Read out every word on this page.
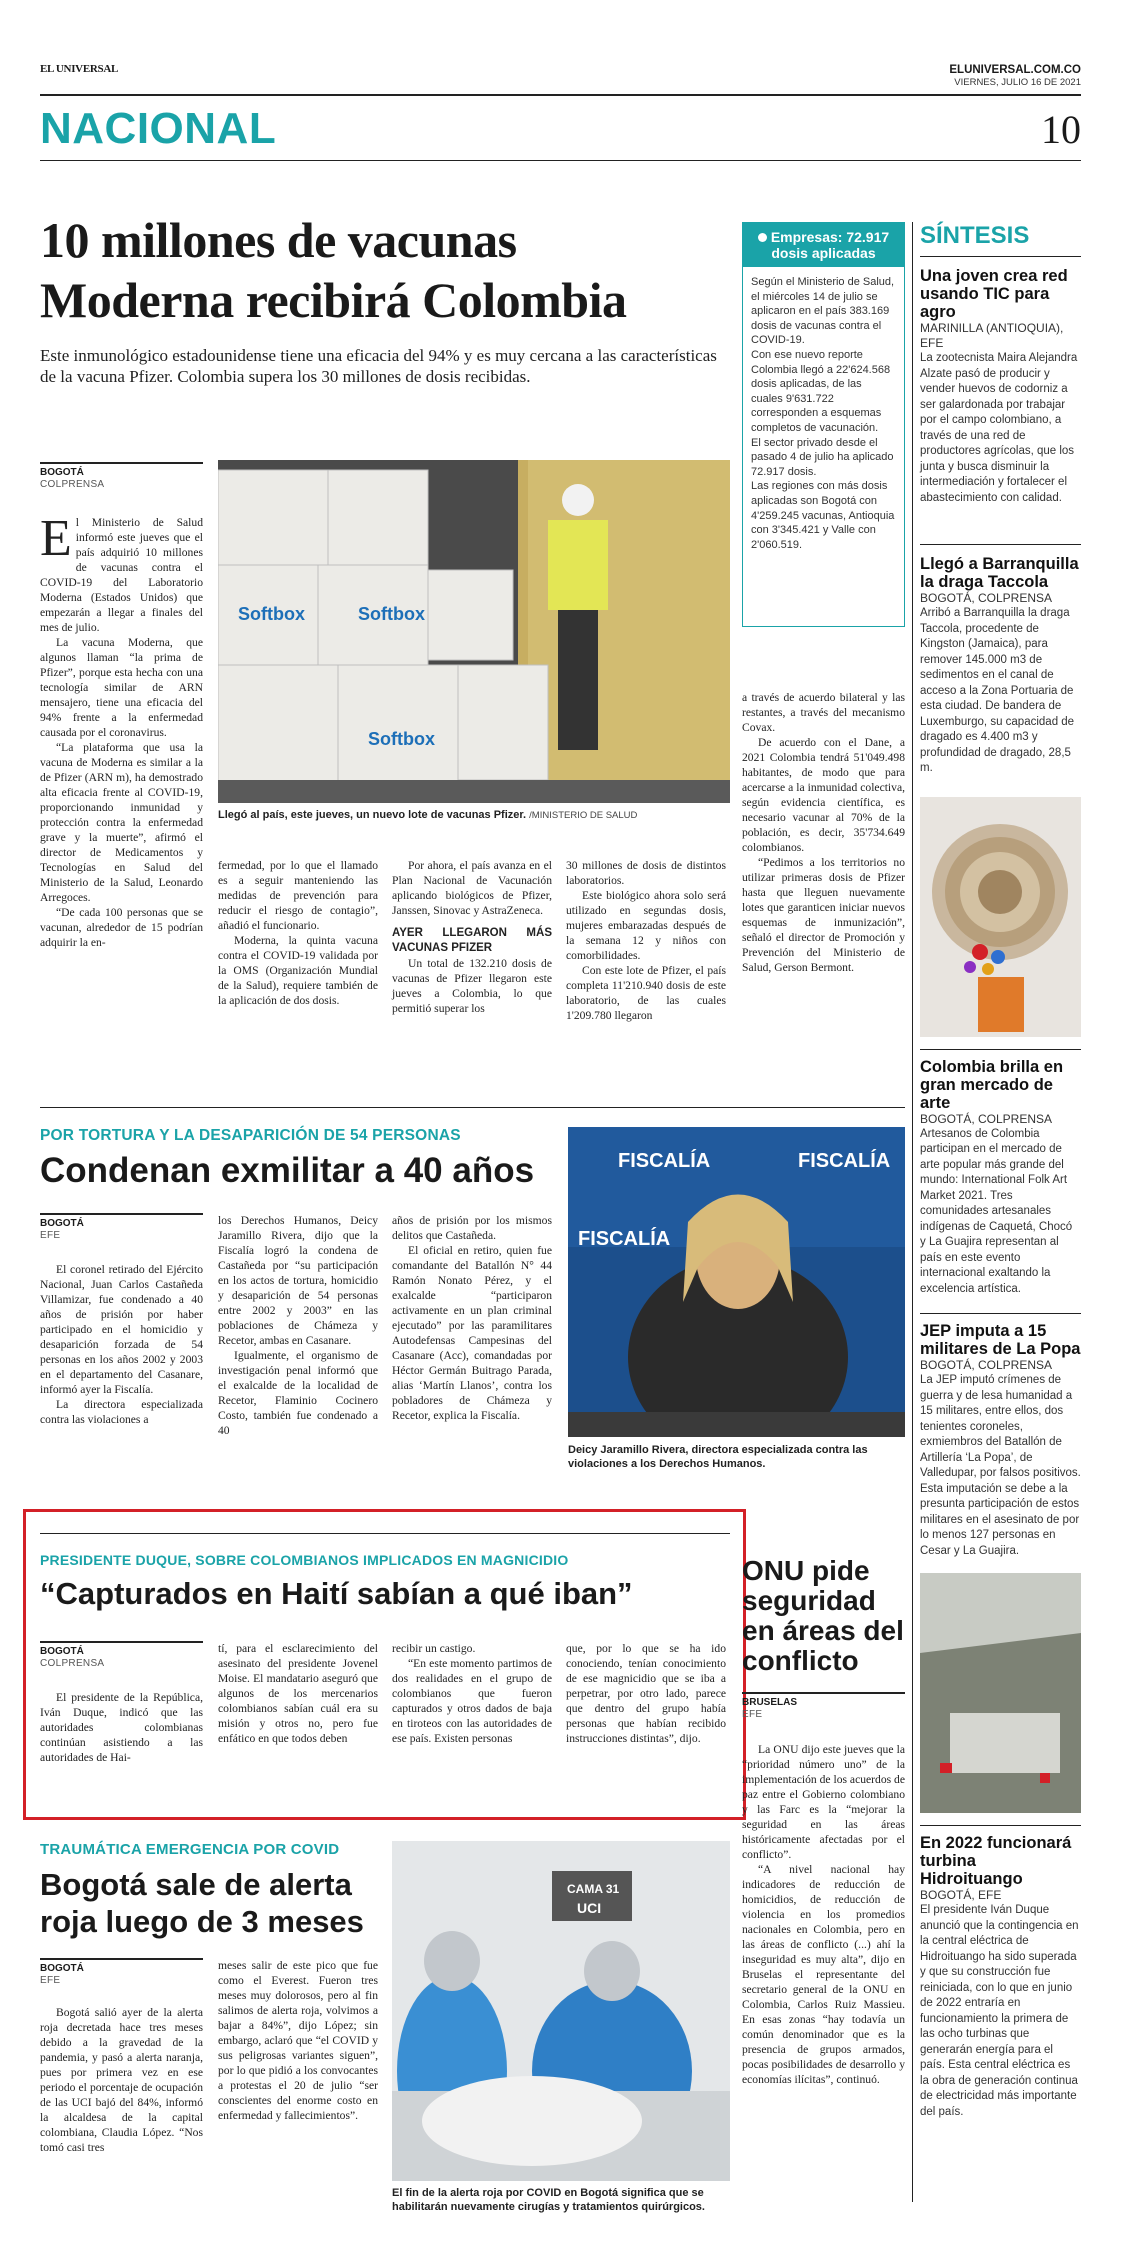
EL UNIVERSAL	ELUNIVERSAL.COM.CO
VIERNES, JULIO 16 DE 2021
NACIONAL	10
10 millones de vacunas
Moderna recibirá Colombia
Este inmunológico estadounidense tiene una eficacia del 94% y es muy cercana a las características de la vacuna Pfizer. Colombia supera los 30 millones de dosis recibidas.
BOGOTÁ
COLPRENSA

El Ministerio de Salud informó este jueves que el país adquirió 10 millones de vacunas contra el COVID-19 del Laboratorio Moderna (Estados Unidos) que empezarán a llegar a finales del mes de julio.

La vacuna Moderna, que algunos llaman “la prima de Pfizer”, porque esta hecha con una tecnología similar de ARN mensajero, tiene una eficacia del 94% frente a la enfermedad causada por el coronavirus.

“La plataforma que usa la vacuna de Moderna es similar a la de Pfizer (ARN m), ha demostrado alta eficacia frente al COVID-19, proporcionando inmunidad y protección contra la enfermedad grave y la muerte”, afirmó el director de Medicamentos y Tecnologías en Salud del Ministerio de la Salud, Leonardo Arregoces.

“De cada 100 personas que se vacunan, alrededor de 15 podrían adquirir la en-

Softbox	Softbox
Softbox
Llegó al país, este jueves, un nuevo lote de vacunas Pfizer. /MINISTERIO DE SALUD

fermedad, por lo que el llamado es a seguir manteniendo las medidas de prevención para reducir el riesgo de contagio”, añadió el funcionario.

Moderna, la quinta vacuna contra el COVID-19 validada por la OMS (Organización Mundial de la Salud), requiere también de la aplicación de dos dosis.

Por ahora, el país avanza en el Plan Nacional de Vacunación aplicando biológicos de Pfizer, Janssen, Sinovac y AstraZeneca.

AYER LLEGARON MÁS VACUNAS PFIZER

Un total de 132.210 dosis de vacunas de Pfizer llegaron este jueves a Colombia, lo que permitió superar los

30 millones de dosis de distintos laboratorios.

Este biológico ahora solo será utilizado en segundas dosis, mujeres embarazadas después de la semana 12 y niños con comorbilidades.

Con este lote de Pfizer, el país completa 11'210.940 dosis de este laboratorio, de las cuales 1'209.780 llegaron

a través de acuerdo bilateral y las restantes, a través del mecanismo Covax.

De acuerdo con el Dane, a 2021 Colombia tendrá 51'049.498 habitantes, de modo que para acercarse a la inmunidad colectiva, según evidencia científica, es necesario vacunar al 70% de la población, es decir, 35'734.649 colombianos.

“Pedimos a los territorios no utilizar primeras dosis de Pfizer hasta que lleguen nuevamente lotes que garanticen iniciar nuevos esquemas de inmunización”, señaló el director de Promoción y Prevención del Ministerio de Salud, Gerson Bermont.

Empresas: 72.917 dosis aplicadas

Según el Ministerio de Salud, el miércoles 14 de julio se aplicaron en el país 383.169 dosis de vacunas contra el COVID-19.

Con ese nuevo reporte Colombia llegó a 22'624.568 dosis aplicadas, de las cuales 9'631.722 corresponden a esquemas completos de vacunación.

El sector privado desde el pasado 4 de julio ha aplicado 72.917 dosis.

Las regiones con más dosis aplicadas son Bogotá con 4'259.245 vacunas, Antioquia con 3'345.421 y Valle con 2'060.519.

POR TORTURA Y LA DESAPARICIÓN DE 54 PERSONAS
Condenan exmilitar a 40 años
BOGOTÁ
EFE

El coronel retirado del Ejército Nacional, Juan Carlos Castañeda Villamizar, fue condenado a 40 años de prisión por haber participado en el homicidio y desaparición forzada de 54 personas en los años 2002 y 2003 en el departamento del Casanare, informó ayer la Fiscalía.

La directora especializada contra las violaciones a

los Derechos Humanos, Deicy Jaramillo Rivera, dijo que la Fiscalía logró la condena de Castañeda por “su participación en los actos de tortura, homicidio y desaparición de 54 personas entre 2002 y 2003” en las poblaciones de Chámeza y Recetor, ambas en Casanare.

Igualmente, el organismo de investigación penal informó que el exalcalde de la localidad de Recetor, Flaminio Cocinero Costo, también fue condenado a 40

años de prisión por los mismos delitos que Castañeda.

El oficial en retiro, quien fue comandante del Batallón N° 44 Ramón Nonato Pérez, y el exalcalde “participaron activamente en un plan criminal ejecutado” por las paramilitares Autodefensas Campesinas del Casanare (Acc), comandadas por Héctor Germán Buitrago Parada, alias ‘Martín Llanos’, contra los pobladores de Chámeza y Recetor, explica la Fiscalía.

FISCALÍA	FISCALÍA
FISCALÍA
Deicy Jaramillo Rivera, directora especializada contra las violaciones a los Derechos Humanos.
PRESIDENTE DUQUE, SOBRE COLOMBIANOS IMPLICADOS EN MAGNICIDIO
“Capturados en Haití sabían a qué iban”
BOGOTÁ
COLPRENSA

El presidente de la República, Iván Duque, indicó que las autoridades colombianas continúan asistiendo a las autoridades de Hai-

tí, para el esclarecimiento del asesinato del presidente Jovenel Moise. El mandatario aseguró que algunos de los mercenarios colombianos sabían cuál era su misión y otros no, pero fue enfático en que todos deben

recibir un castigo.

“En este momento partimos de dos realidades en el grupo de colombianos que fueron capturados y otros dados de baja en tiroteos con las autoridades de ese país. Existen personas

que, por lo que se ha ido conociendo, tenían conocimiento de ese magnicidio que se iba a perpetrar, por otro lado, parece que dentro del grupo había personas que habían recibido instrucciones distintas”, dijo.

ONU pide seguridad en áreas del conflicto
BRUSELAS
EFE

La ONU dijo este jueves que la “prioridad número uno” de la implementación de los acuerdos de paz entre el Gobierno colombiano y las Farc es la “mejorar la seguridad en las áreas históricamente afectadas por el conflicto”.

“A nivel nacional hay indicadores de reducción de homicidios, de reducción de violencia en los promedios nacionales en Colombia, pero en las áreas de conflicto (...) ahí la inseguridad es muy alta”, dijo en Bruselas el representante del secretario general de la ONU en Colombia, Carlos Ruiz Massieu. En esas zonas “hay todavía un común denominador que es la presencia de grupos armados, pocas posibilidades de desarrollo y economías ilícitas”, continuó.

TRAUMÁTICA EMERGENCIA POR COVID
Bogotá sale de alerta
roja luego de 3 meses
BOGOTÁ
EFE

Bogotá salió ayer de la alerta roja decretada hace tres meses debido a la gravedad de la pandemia, y pasó a alerta naranja, pues por primera vez en ese periodo el porcentaje de ocupación de las UCI bajó del 84%, informó la alcaldesa de la capital colombiana, Claudia López. “Nos tomó casi tres

meses salir de este pico que fue como el Everest. Fueron tres meses muy dolorosos, pero al fin salimos de alerta roja, volvimos a bajar a 84%”, dijo López; sin embargo, aclaró que “el COVID y sus peligrosas variantes siguen”, por lo que pidió a los convocantes a protestas el 20 de julio “ser conscientes del enorme costo en enfermedad y fallecimientos”.

CAMA 31
UCI
El fin de la alerta roja por COVID en Bogotá significa que se habilitarán nuevamente cirugías y tratamientos quirúrgicos.
SÍNTESIS
Una joven crea red usando TIC para agro
MARINILLA (ANTIOQUIA), EFE

La zootecnista Maira Alejandra Alzate pasó de producir y vender huevos de codorniz a ser galardonada por trabajar por el campo colombiano, a través de una red de productores agrícolas, que los junta y busca disminuir la intermediación y fortalecer el abastecimiento con calidad.

Llegó a Barranquilla la draga Taccola
BOGOTÁ, COLPRENSA

Arribó a Barranquilla la draga Taccola, procedente de Kingston (Jamaica), para remover 145.000 m3 de sedimentos en el canal de acceso a la Zona Portuaria de esta ciudad. De bandera de Luxemburgo, su capacidad de dragado es 4.400 m3 y profundidad de dragado, 28,5 m.

Colombia brilla en gran mercado de arte
BOGOTÁ, COLPRENSA

Artesanos de Colombia participan en el mercado de arte popular más grande del mundo: International Folk Art Market 2021. Tres comunidades artesanales indígenas de Caquetá, Chocó y La Guajira representan al país en este evento internacional exaltando la excelencia artística.

JEP imputa a 15 militares de La Popa
BOGOTÁ, COLPRENSA

La JEP imputó crímenes de guerra y de lesa humanidad a 15 militares, entre ellos, dos tenientes coroneles, exmiembros del Batallón de Artillería ‘La Popa’, de Valledupar, por falsos positivos. Esta imputación se debe a la presunta participación de estos militares en el asesinato de por lo menos 127 personas en Cesar y La Guajira.

En 2022 funcionará turbina Hidroituango
BOGOTÁ, EFE

El presidente Iván Duque anunció que la contingencia en la central eléctrica de Hidroituango ha sido superada y que su construcción fue reiniciada, con lo que en junio de 2022 entraría en funcionamiento la primera de las ocho turbinas que generarán energía para el país. Esta central eléctrica es la obra de generación continua de electricidad más importante del país.
